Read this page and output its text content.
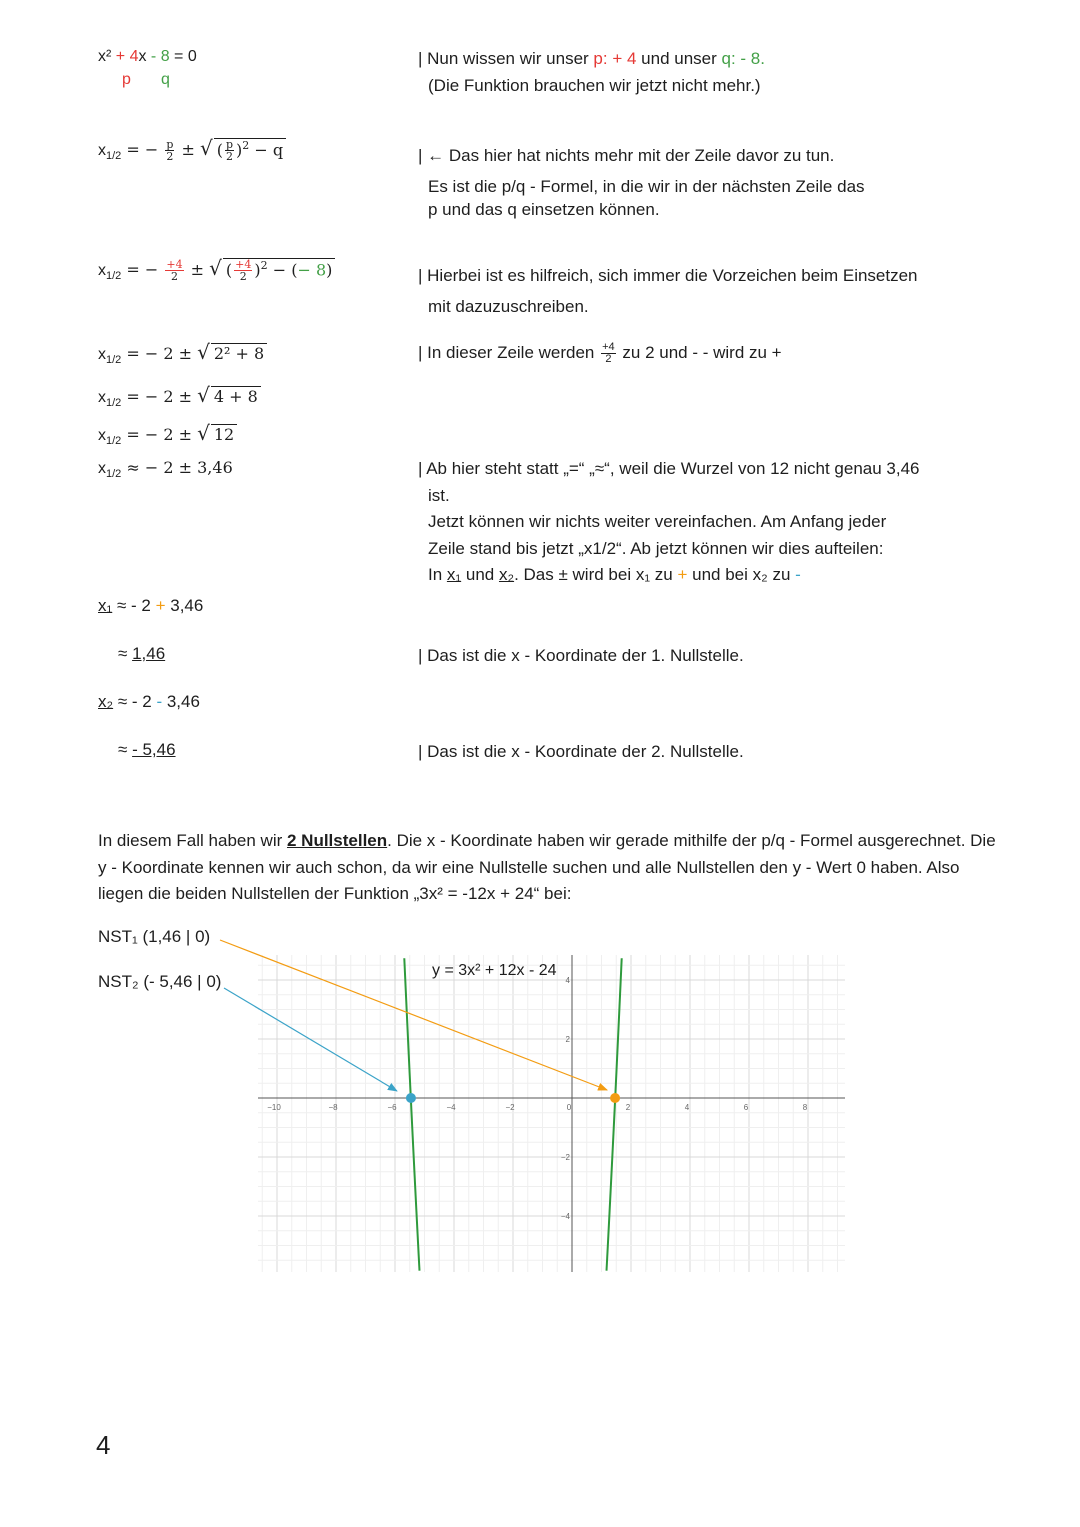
x² + 4x - 8 = 0
p q
| Nun wissen wir unser p: + 4 und unser q: - 8.
(Die Funktion brauchen wir jetzt nicht mehr.)
$x_{1/2}$ = − $\frac{p}{2}$ ± √ ( $\frac{p}{2} )^2 - q$	| ← Das hier hat nichts mehr mit der Zeile davor zu tun.
Es ist die p/q - Formel, in die wir in der nächsten Zeile das
p und das q einsetzen können.
$x_{1/2}$ = − $\frac{+4}{2}$ ± √ ( $\frac{+4}{2} )^2$ − (− 8)	| Hierbei ist es hilfreich, sich immer die Vorzeichen beim Einsetzen
mit dazuzuschreiben.
$x_{1/2}$ = − 2 ± √ 2² + 8
$x_{1/2}$ = − 2 ± √ 4 + 8
$x_{1/2}$ = − 2 ± √ 12
$x_{1/2}$ ≈ − 2 ± 3,46
| In dieser Zeile werden $\frac{+4}{2}$ zu 2 und - - wird zu +
| Ab hier steht statt „=“ „≈“, weil die Wurzel von 12 nicht genau 3,46
ist.
Jetzt können wir nichts weiter vereinfachen. Am Anfang jeder
Zeile stand bis jetzt „x1/2“. Ab jetzt können wir dies aufteilen:
In x₁ und x₂. Das ± wird bei x₁ zu + und bei x₂ zu -
x₁ ≈ - 2 + 3,46
≈ 1,46	| Das ist die x - Koordinate der 1. Nullstelle.
x₂ ≈ - 2 - 3,46
≈ - 5,46	| Das ist die x - Koordinate der 2. Nullstelle.
In diesem Fall haben wir 2 Nullstellen. Die x - Koordinate haben wir gerade mithilfe der p/q - Formel ausgerechnet. Die y - Koordinate kennen wir auch schon, da wir eine Nullstelle suchen und alle Nullstellen den y - Wert 0 haben. Also liegen die beiden Nullstellen der Funktion „3x² = -12x + 24“ bei:
NST₁ (1,46 | 0)
NST₂ (- 5,46 | 0)
−10	−8	−6	−4	−2	0	2	4	6	8
4
2
−2
−4
y = 3x² + 12x - 24
4
